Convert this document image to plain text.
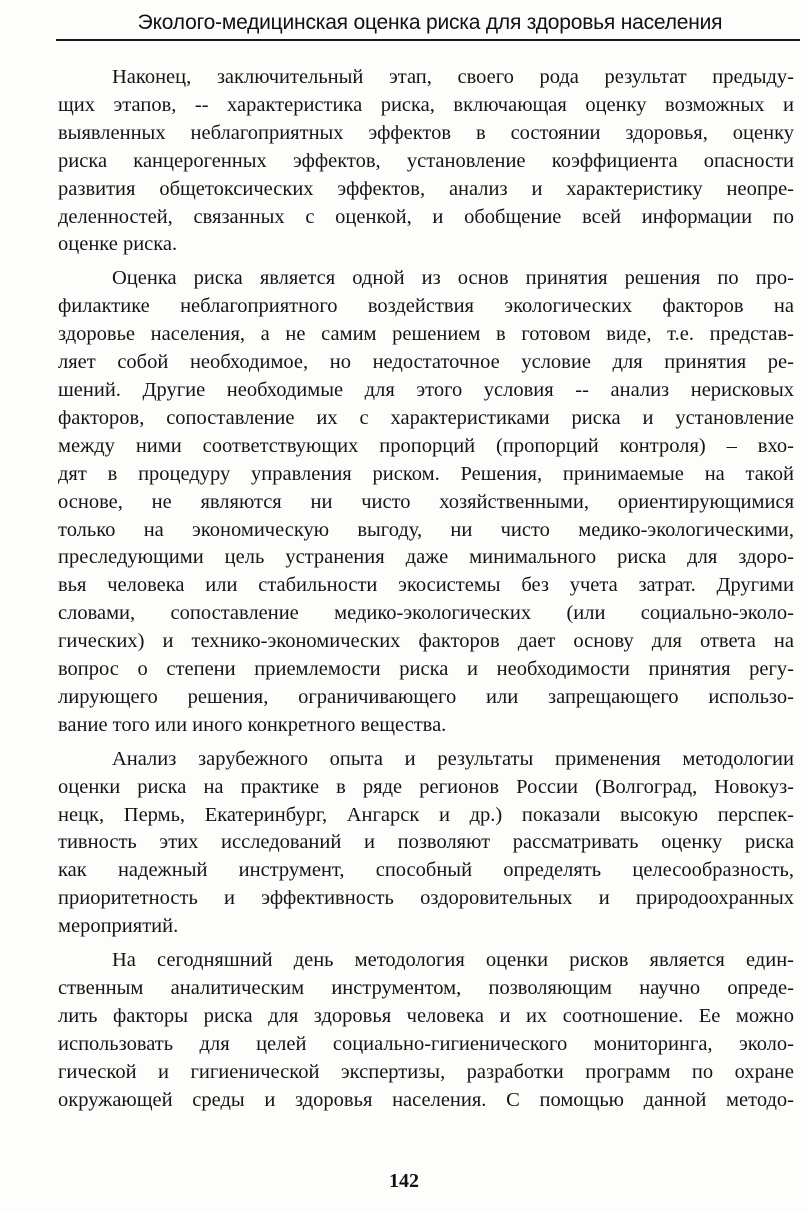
Эколого-медицинская оценка риска для здоровья населения

Наконец, заключительный этап, своего рода результат предыду-
щих этапов, -- характеристика риска, включающая оценку возможных и
выявленных неблагоприятных эффектов в состоянии здоровья, оценку
риска канцерогенных эффектов, установление коэффициента опасности
развития общетоксических эффектов, анализ и характеристику неопре-
деленностей, связанных с оценкой, и обобщение всей информации по
оценке риска.

Оценка риска является одной из основ принятия решения по про-
филактике неблагоприятного воздействия экологических факторов на
здоровье населения, а не самим решением в готовом виде, т.е. представ-
ляет собой необходимое, но недостаточное условие для принятия ре-
шений. Другие необходимые для этого условия -- анализ нерисковых
факторов, сопоставление их с характеристиками риска и установление
между ними соответствующих пропорций (пропорций контроля) – вхо-
дят в процедуру управления риском. Решения, принимаемые на такой
основе, не являются ни чисто хозяйственными, ориентирующимися
только на экономическую выгоду, ни чисто медико-экологическими,
преследующими цель устранения даже минимального риска для здоро-
вья человека или стабильности экосистемы без учета затрат. Другими
словами, сопоставление медико-экологических (или социально-эколо-
гических) и технико-экономических факторов дает основу для ответа на
вопрос о степени приемлемости риска и необходимости принятия регу-
лирующего решения, ограничивающего или запрещающего использо-
вание того или иного конкретного вещества.

Анализ зарубежного опыта и результаты применения методологии
оценки риска на практике в ряде регионов России (Волгоград, Новокуз-
нецк, Пермь, Екатеринбург, Ангарск и др.) показали высокую перспек-
тивность этих исследований и позволяют рассматривать оценку риска
как надежный инструмент, способный определять целесообразность,
приоритетность и эффективность оздоровительных и природоохранных
мероприятий.

На сегодняшний день методология оценки рисков является един-
ственным аналитическим инструментом, позволяющим научно опреде-
лить факторы риска для здоровья человека и их соотношение. Ее можно
использовать для целей социально-гигиенического мониторинга, эколо-
гической и гигиенической экспертизы, разработки программ по охране
окружающей среды и здоровья населения. С помощью данной методо-

142
